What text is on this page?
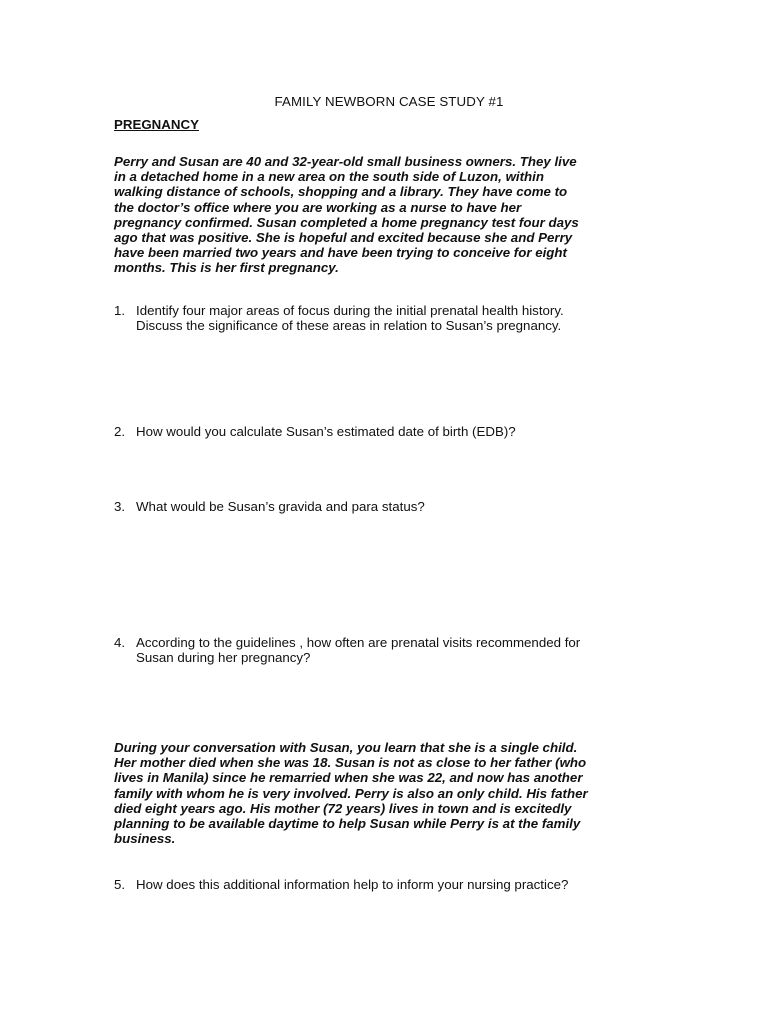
FAMILY NEWBORN CASE STUDY #1
PREGNANCY
Perry and Susan are 40 and 32-year-old small business owners. They live
in a detached home in a new area on the south side of Luzon, within
walking distance of schools, shopping and a library. They have come to
the doctor’s office where you are working as a nurse to have her
pregnancy confirmed. Susan completed a home pregnancy test four days
ago that was positive. She is hopeful and excited because she and Perry
have been married two years and have been trying to conceive for eight
months. This is her first pregnancy.
1. Identify four major areas of focus during the initial prenatal health history.
Discuss the significance of these areas in relation to Susan’s pregnancy.
2. How would you calculate Susan’s estimated date of birth (EDB)?
3. What would be Susan’s gravida and para status?
4. According to the guidelines , how often are prenatal visits recommended for
Susan during her pregnancy?
During your conversation with Susan, you learn that she is a single child.
Her mother died when she was 18. Susan is not as close to her father (who
lives in Manila) since he remarried when she was 22, and now has another
family with whom he is very involved. Perry is also an only child. His father
died eight years ago. His mother (72 years) lives in town and is excitedly
planning to be available daytime to help Susan while Perry is at the family
business.
5. How does this additional information help to inform your nursing practice?
